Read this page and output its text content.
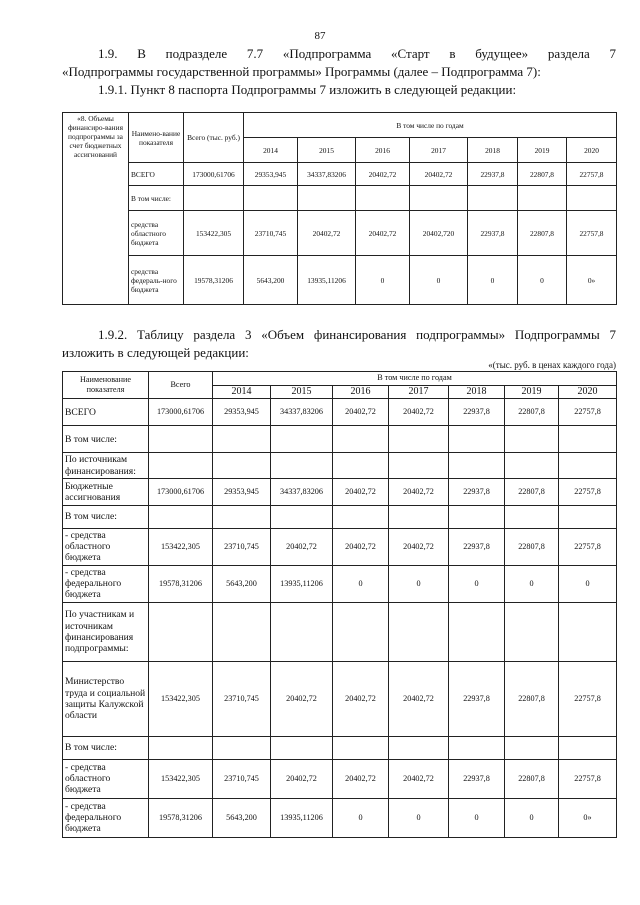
87

1.9. В подразделе 7.7 «Подпрограмма «Старт в будущее» раздела 7

«Подпрограммы государственной программы» Программы (далее – Подпрограмма 7):

1.9.1. Пункт 8 паспорта Подпрограммы 7 изложить в следующей редакции:

«8. Объемы финансиро-вания подпрограммы за счет бюджетных ассигнований	Наимено-вание показателя	Всего (тыс. руб.)	В том числе по годам						
			2014	2015	2016	2017	2018	2019	2020
	ВСЕГО	173000,61706	29353,945	34337,83206	20402,72	20402,72	22937,8	22807,8	22757,8
	В том числе:								
	средства областного бюджета	153422,305	23710,745	20402,72	20402,72	20402,720	22937,8	22807,8	22757,8
	средства федераль-ного бюджета	19578,31206	5643,200	13935,11206	0	0	0	0	0»

1.9.2. Таблицу раздела 3 «Объем финансирования подпрограммы» Подпрограммы 7

изложить в следующей редакции:

«(тыс. руб. в ценах каждого года)
Наименование показателя	Всего	В том числе по годам						
		2014	2015	2016	2017	2018	2019	2020
ВСЕГО	173000,61706	29353,945	34337,83206	20402,72	20402,72	22937,8	22807,8	22757,8
В том числе:								
По источникам финансирования:								
Бюджетные ассигнования	173000,61706	29353,945	34337,83206	20402,72	20402,72	22937,8	22807,8	22757,8
В том числе:								
- средства областного бюджета	153422,305	23710,745	20402,72	20402,72	20402,72	22937,8	22807,8	22757,8
- средства федерального бюджета	19578,31206	5643,200	13935,11206	0	0	0	0	0
По участникам и источникам финансирования подпрограммы:								
Министерство труда и социальной защиты Калужской области	153422,305	23710,745	20402,72	20402,72	20402,72	22937,8	22807,8	22757,8
В том числе:								
- средства областного бюджета	153422,305	23710,745	20402,72	20402,72	20402,72	22937,8	22807,8	22757,8
- средства федерального бюджета	19578,31206	5643,200	13935,11206	0	0	0	0	0»
